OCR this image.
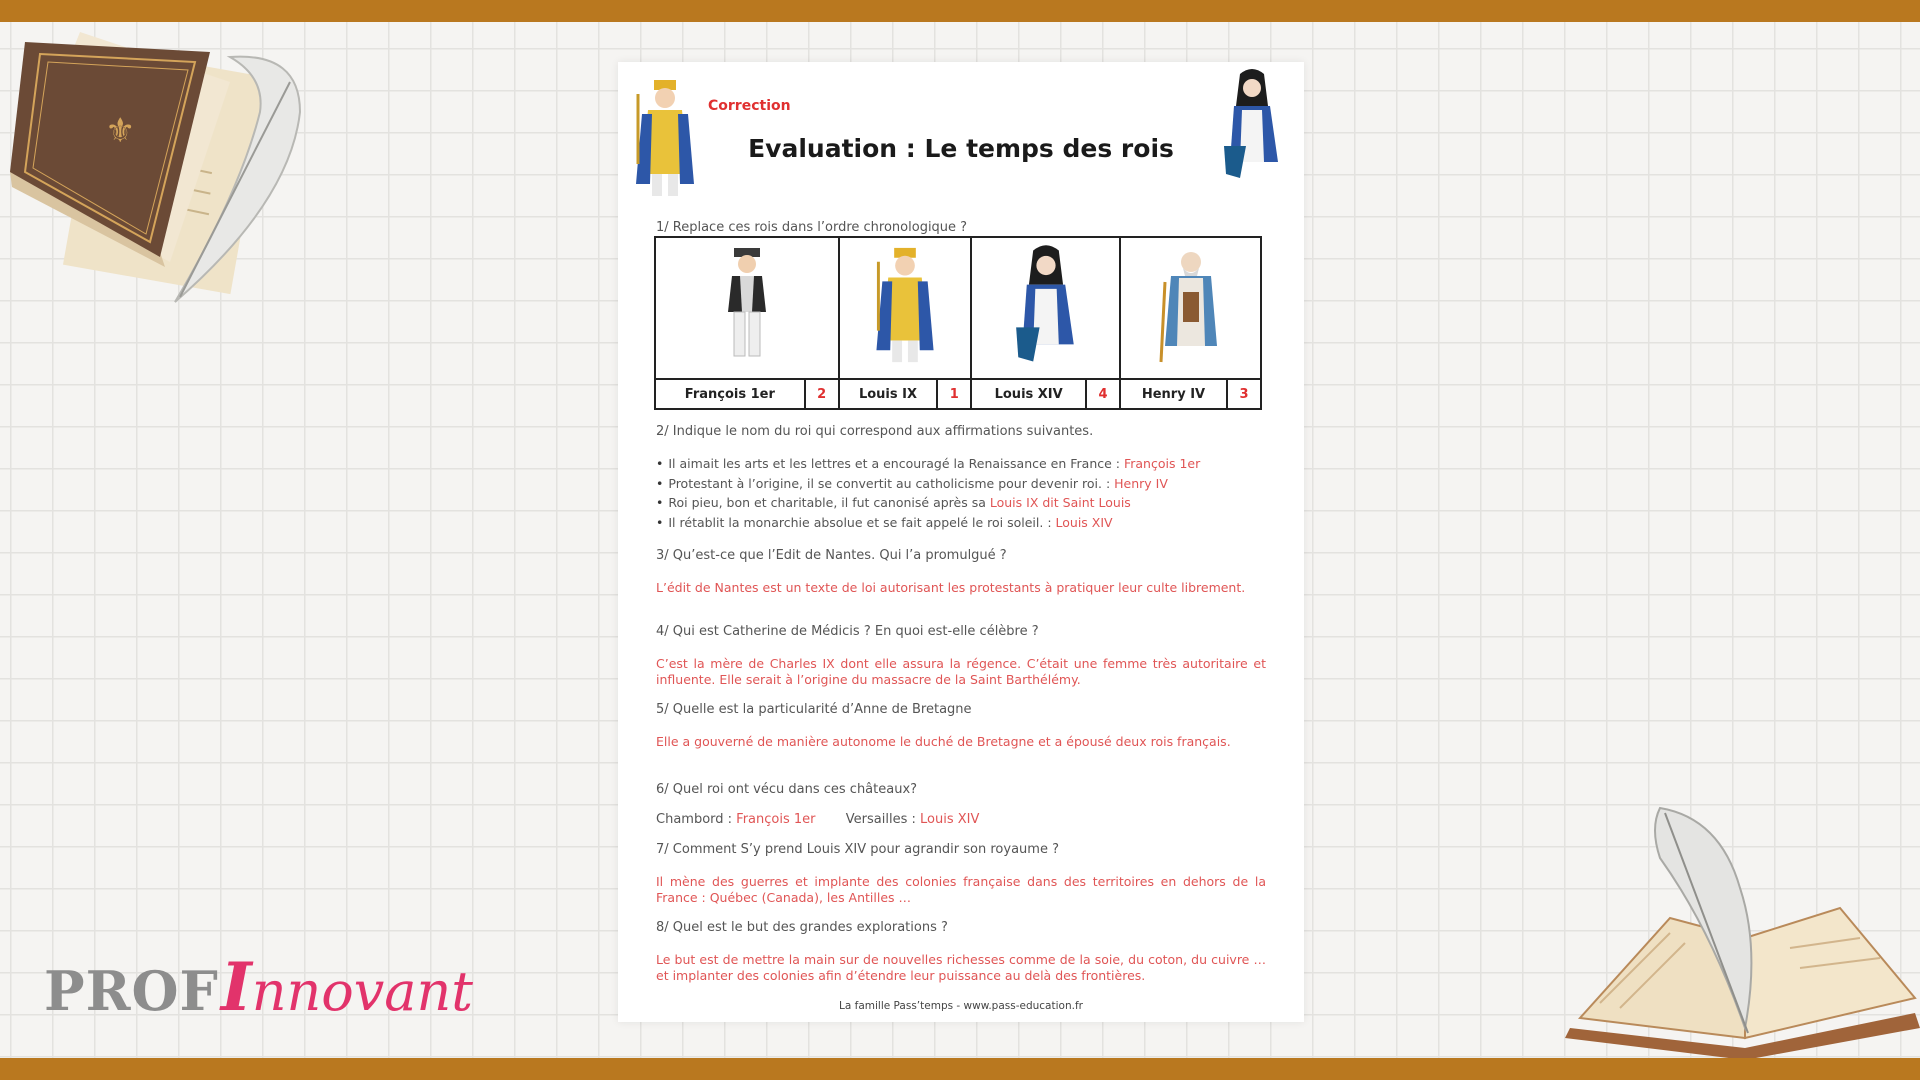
⚜
PROF I nnovant
Correction
Evaluation : Le temps des rois
1/ Replace ces rois dans l’ordre chronologique ?

François 1er	2	Louis IX	1	Louis XIV	4	Henry IV	3
2/ Indique le nom du roi qui correspond aux affirmations suivantes.
• Il aimait les arts et les lettres et a encouragé la Renaissance en France : François 1er
• Protestant à l’origine, il se convertit au catholicisme pour devenir roi. : Henry IV
• Roi pieu, bon et charitable, il fut canonisé après sa Louis IX dit Saint Louis
• Il rétablit la monarchie absolue et se fait appelé le roi soleil. : Louis XIV
3/ Qu’est-ce que l’Edit de Nantes. Qui l’a promulgué ?
L’édit de Nantes est un texte de loi autorisant les protestants à pratiquer leur culte librement.
4/ Qui est Catherine de Médicis ? En quoi est-elle célèbre ?
C’est la mère de Charles IX dont elle assura la régence. C’était une femme très autoritaire et influente. Elle serait à l’origine du massacre de la Saint Barthélémy.
5/ Quelle est la particularité d’Anne de Bretagne
Elle a gouverné de manière autonome le duché de Bretagne et a épousé deux rois français.
6/ Quel roi ont vécu dans ces châteaux?
Chambord : François 1er Versailles : Louis XIV
7/ Comment S’y prend Louis XIV pour agrandir son royaume ?
Il mène des guerres et implante des colonies française dans des territoires en dehors de la France : Québec (Canada), les Antilles …
8/ Quel est le but des grandes explorations ?
Le but est de mettre la main sur de nouvelles richesses comme de la soie, du coton, du cuivre … et implanter des colonies afin d’étendre leur puissance au delà des frontières.
La famille Pass’temps - www.pass-education.fr
